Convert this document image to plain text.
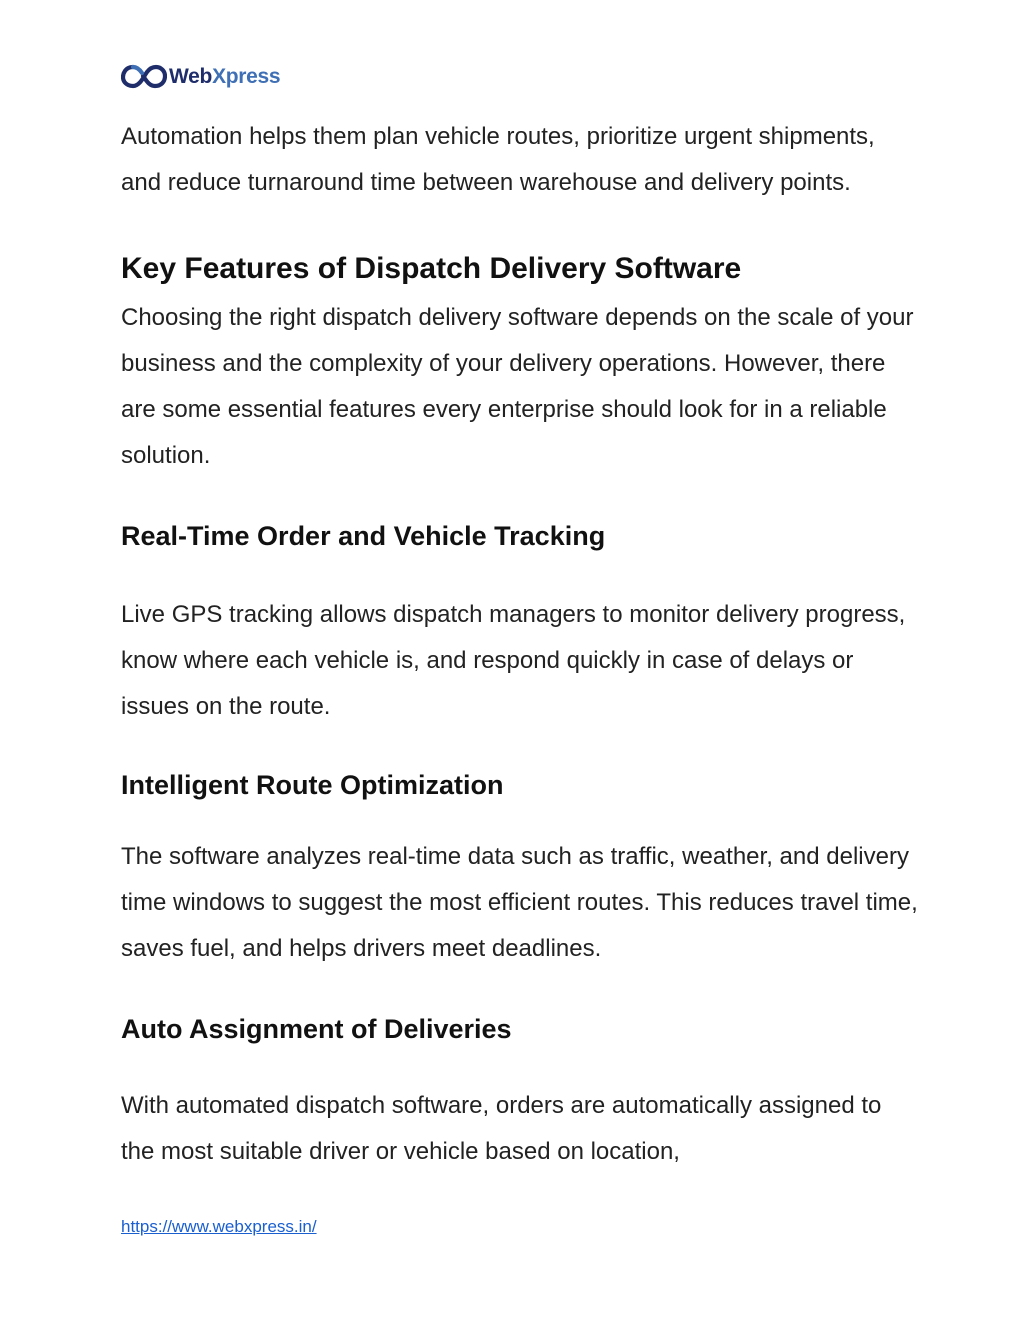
WebXpress

Automation helps them plan vehicle routes, prioritize urgent shipments, and reduce turnaround time between warehouse and delivery points.

Key Features of Dispatch Delivery Software

Choosing the right dispatch delivery software depends on the scale of your business and the complexity of your delivery operations. However, there are some essential features every enterprise should look for in a reliable solution.

Real-Time Order and Vehicle Tracking

Live GPS tracking allows dispatch managers to monitor delivery progress, know where each vehicle is, and respond quickly in case of delays or issues on the route.

Intelligent Route Optimization

The software analyzes real-time data such as traffic, weather, and delivery time windows to suggest the most efficient routes. This reduces travel time, saves fuel, and helps drivers meet deadlines.

Auto Assignment of Deliveries

With automated dispatch software, orders are automatically assigned to the most suitable driver or vehicle based on location,

https://www.webxpress.in/
